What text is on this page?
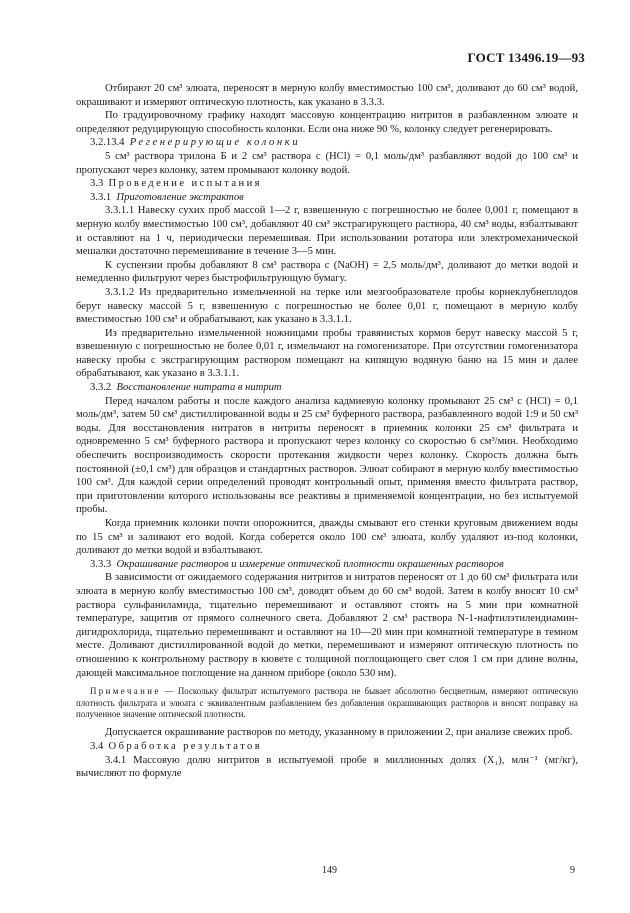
ГОСТ 13496.19—93

Отбирают 20 см³ элюата, переносят в мерную колбу вместимостью 100 см³, доливают до 60 см³ водой, окрашивают и измеряют оптическую плотность, как указано в 3.3.3.

По градуировочному графику находят массовую концентрацию нитритов в разбавленном элюате и определяют редуцирующую способность колонки. Если она ниже 90 %, колонку следует регенерировать.

3.2.13.4 Регенерирующие колонки

5 см³ раствора трилона Б и 2 см³ раствора c (HCl) = 0,1 моль/дм³ разбавляют водой до 100 см³ и пропускают через колонку, затем промывают колонку водой.

3.3 Проведение испытания

3.3.1 Приготовление экстрактов

3.3.1.1 Навеску сухих проб массой 1—2 г, взвешенную с погрешностью не более 0,001 г, помещают в мерную колбу вместимостью 100 см³, добавляют 40 см³ экстрагирующего раствора, 40 см³ воды, взбалтывают и оставляют на 1 ч, периодически перемешивая. При использовании ротатора или электромеханической мешалки достаточно перемешивание в течение 3—5 мин.

К суспензии пробы добавляют 8 см³ раствора c (NaOH) = 2,5 моль/дм³, доливают до метки водой и немедленно фильтруют через быстрофильтрующую бумагу.

3.3.1.2 Из предварительно измельченной на терке или мезгообразователе пробы корнеклубнеплодов берут навеску массой 5 г, взвешенную с погрешностью не более 0,01 г, помещают в мерную колбу вместимостью 100 см³ и обрабатывают, как указано в 3.3.1.1.

Из предварительно измельченной ножницами пробы травянистых кормов берут навеску массой 5 г, взвешенную с погрешностью не более 0,01 г, измельчают на гомогенизаторе. При отсутствии гомогенизатора навеску пробы с экстрагирующим раствором помещают на кипящую водяную баню на 15 мин и далее обрабатывают, как указано в 3.3.1.1.

3.3.2 Восстановление нитрата в нитрит

Перед началом работы и после каждого анализа кадмиевую колонку промывают 25 см³ c (HCl) = 0,1 моль/дм³, затем 50 см³ дистиллированной воды и 25 см³ буферного раствора, разбавленного водой 1:9 и 50 см³ воды. Для восстановления нитратов в нитриты переносят в приемник колонки 25 см³ фильтрата и одновременно 5 см³ буферного раствора и пропускают через колонку со скоростью 6 см³/мин. Необходимо обеспечить воспроизводимость скорости протекания жидкости через колонку. Скорость должна быть постоянной (±0,1 см³) для образцов и стандартных растворов. Элюат собирают в мерную колбу вместимостью 100 см³. Для каждой серии определений проводят контрольный опыт, применяя вместо фильтрата раствор, при приготовлении которого использованы все реактивы в применяемой концентрации, но без испытуемой пробы.

Когда приемник колонки почти опорожнится, дважды смывают его стенки круговым движением воды по 15 см³ и заливают его водой. Когда соберется около 100 см³ элюата, колбу удаляют из-под колонки, доливают до метки водой и взбалтывают.

3.3.3 Окрашивание растворов и измерение оптической плотности окрашенных растворов

В зависимости от ожидаемого содержания нитритов и нитратов переносят от 1 до 60 см³ фильтрата или элюата в мерную колбу вместимостью 100 см³, доводят объем до 60 см³ водой. Затем в колбу вносят 10 см³ раствора сульфаниламида, тщательно перемешивают и оставляют стоять на 5 мин при комнатной температуре, защитив от прямого солнечного света. Добавляют 2 см³ раствора N-1-нафтилэтилендиамин-дигидрохлорида, тщательно перемешивают и оставляют на 10—20 мин при комнатной температуре в темном месте. Доливают дистиллированной водой до метки, перемешивают и измеряют оптическую плотность по отношению к контрольному раствору в кювете с толщиной поглощающего свет слоя 1 см при длине волны, дающей максимальное поглощение на данном приборе (около 530 нм).

Примечание — Поскольку фильтрат испытуемого раствора не бывает абсолютно бесцветным, измеряют оптическую плотность фильтрата и элюата с эквивалентным разбавлением без добавления окрашивающих растворов и вносят поправку на полученное значение оптической плотности.

Допускается окрашивание растворов по методу, указанному в приложении 2, при анализе свежих проб.

3.4 Обработка результатов

3.4.1 Массовую долю нитритов в испытуемой пробе в миллионных долях (X₁), млн⁻¹ (мг/кг), вычисляют по формуле

149	9
